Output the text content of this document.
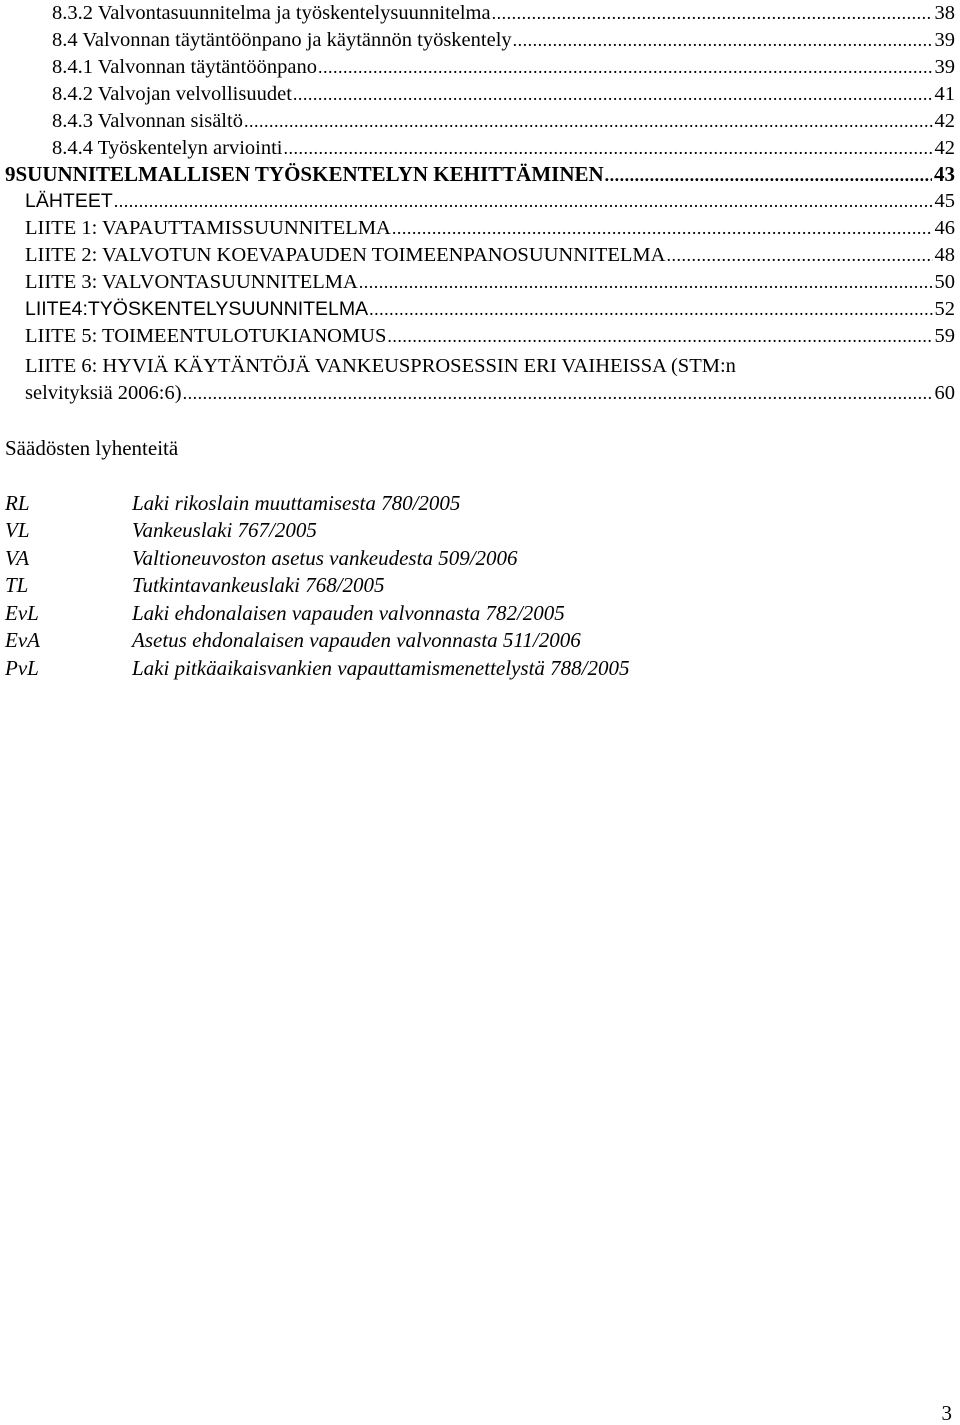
8.3.2 Valvontasuunnitelma ja työskentelysuunnitelma .....	38
8.4 Valvonnan täytäntöönpano ja käytännön työskentely .....	39
8.4.1 Valvonnan täytäntöönpano .....	39
8.4.2 Valvojan velvollisuudet .....	41
8.4.3 Valvonnan sisältö .....	42
8.4.4 Työskentelyn arviointi .....	42
9 SUUNNITELMALLISEN TYÖSKENTELYN KEHITTÄMINEN .....	43
LÄHTEET .....	45
LIITE 1: VAPAUTTAMISSUUNNITELMA .....	46
LIITE 2: VALVOTUN KOEVAPAUDEN TOIMEENPANOSUUNNITELMA .....	48
LIITE 3: VALVONTASUUNNITELMA .....	50
LIITE4:TYÖSKENTELYSUUNNITELMA .....	52
LIITE 5: TOIMEENTULOTUKIANOMUS .....	59
LIITE 6: HYVIÄ KÄYTÄNTÖJÄ VANKEUSPROSESSIN ERI VAIHEISSA (STM:n
selvityksiä 2006:6) .....	60
Säädösten lyhenteitä
RL	Laki rikoslain muuttamisesta 780/2005
VL	Vankeuslaki 767/2005
VA	Valtioneuvoston asetus vankeudesta 509/2006
TL	Tutkintavankeuslaki 768/2005
EvL	Laki ehdonalaisen vapauden valvonnasta 782/2005
EvA	Asetus ehdonalaisen vapauden valvonnasta 511/2006
PvL	Laki pitkäaikaisvankien vapauttamismenettelystä 788/2005
3
